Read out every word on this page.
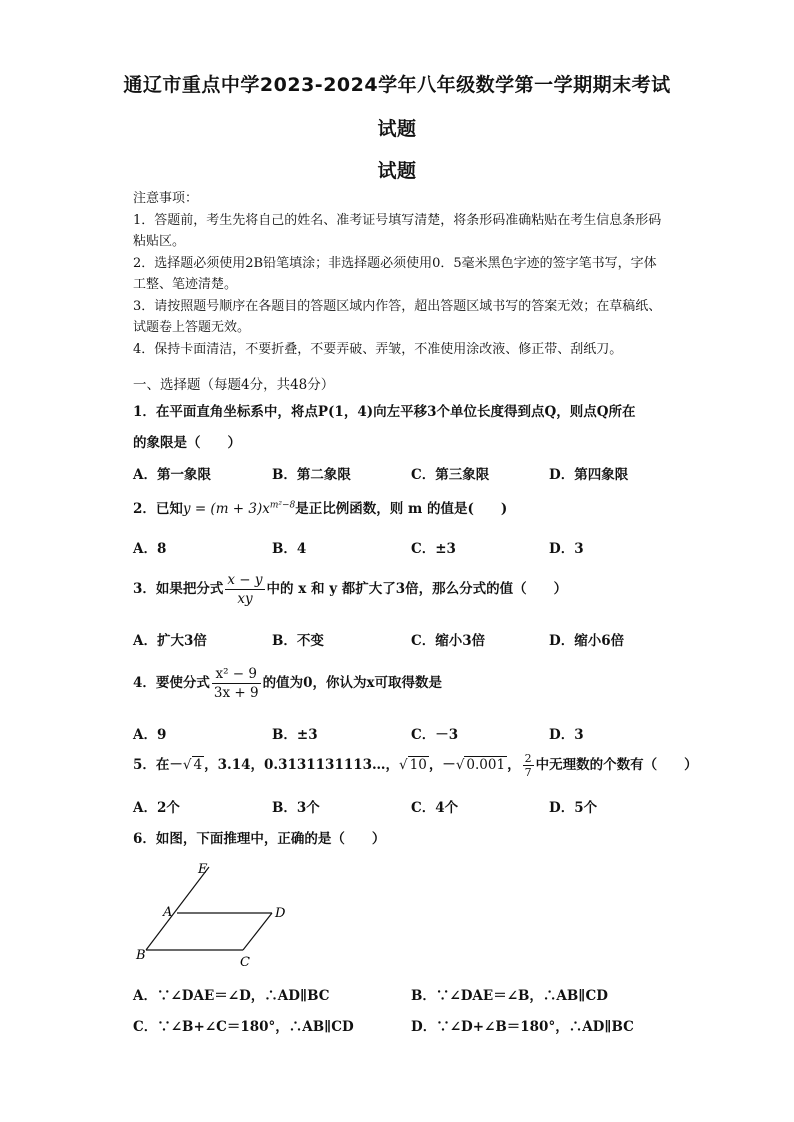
通辽市重点中学2023-2024学年八年级数学第一学期期末考试
试题
试题

注意事项：

1．答题前，考生先将自己的姓名、准考证号填写清楚，将条形码准确粘贴在考生信息条形码粘贴区。

2．选择题必须使用2B铅笔填涂；非选择题必须使用0．5毫米黑色字迹的签字笔书写，字体工整、笔迹清楚。

3．请按照题号顺序在各题目的答题区域内作答，超出答题区域书写的答案无效；在草稿纸、试题卷上答题无效。

4．保持卡面清洁，不要折叠，不要弄破、弄皱，不准使用涂改液、修正带、刮纸刀。

一、选择题（每题4分，共48分）
1．在平面直角坐标系中，将点P(1，4)向左平移3个单位长度得到点Q，则点Q所在
的象限是（　　）
A．第一象限	B．第二象限	C．第三象限	D．第四象限
2．已知$y = (m + 3)x^{m^2-8}$是正比例函数，则 m 的值是(　　)
A．8	B．4	C．±3	D．3
3．如果把分式 $\frac{x - y}{xy}$ 中的 x 和 y 都扩大了3倍，那么分式的值（　　）
A．扩大3倍	B．不变	C．缩小3倍	D．缩小6倍
4．要使分式 $\frac{\text{x² − 9}}{3x + 9}$ 的值为0，你认为x可取得数是
A．9	B．±3	C．－3	D．3
5．在－√ 4 ，3.14，0.3131131113…，√ 10 ，－√ 0.001 ， $\frac{2}{7}$ 中无理数的个数有（　　）
A．2个	B．3个	C．4个	D．5个
6．如图，下面推理中，正确的是（　　）
E
A	D
B	C
A．∵∠DAE＝∠D，∴AD∥BC	B．∵∠DAE＝∠B，∴AB∥CD
C．∵∠B+∠C＝180°，∴AB∥CD	D．∵∠D+∠B＝180°，∴AD∥BC
